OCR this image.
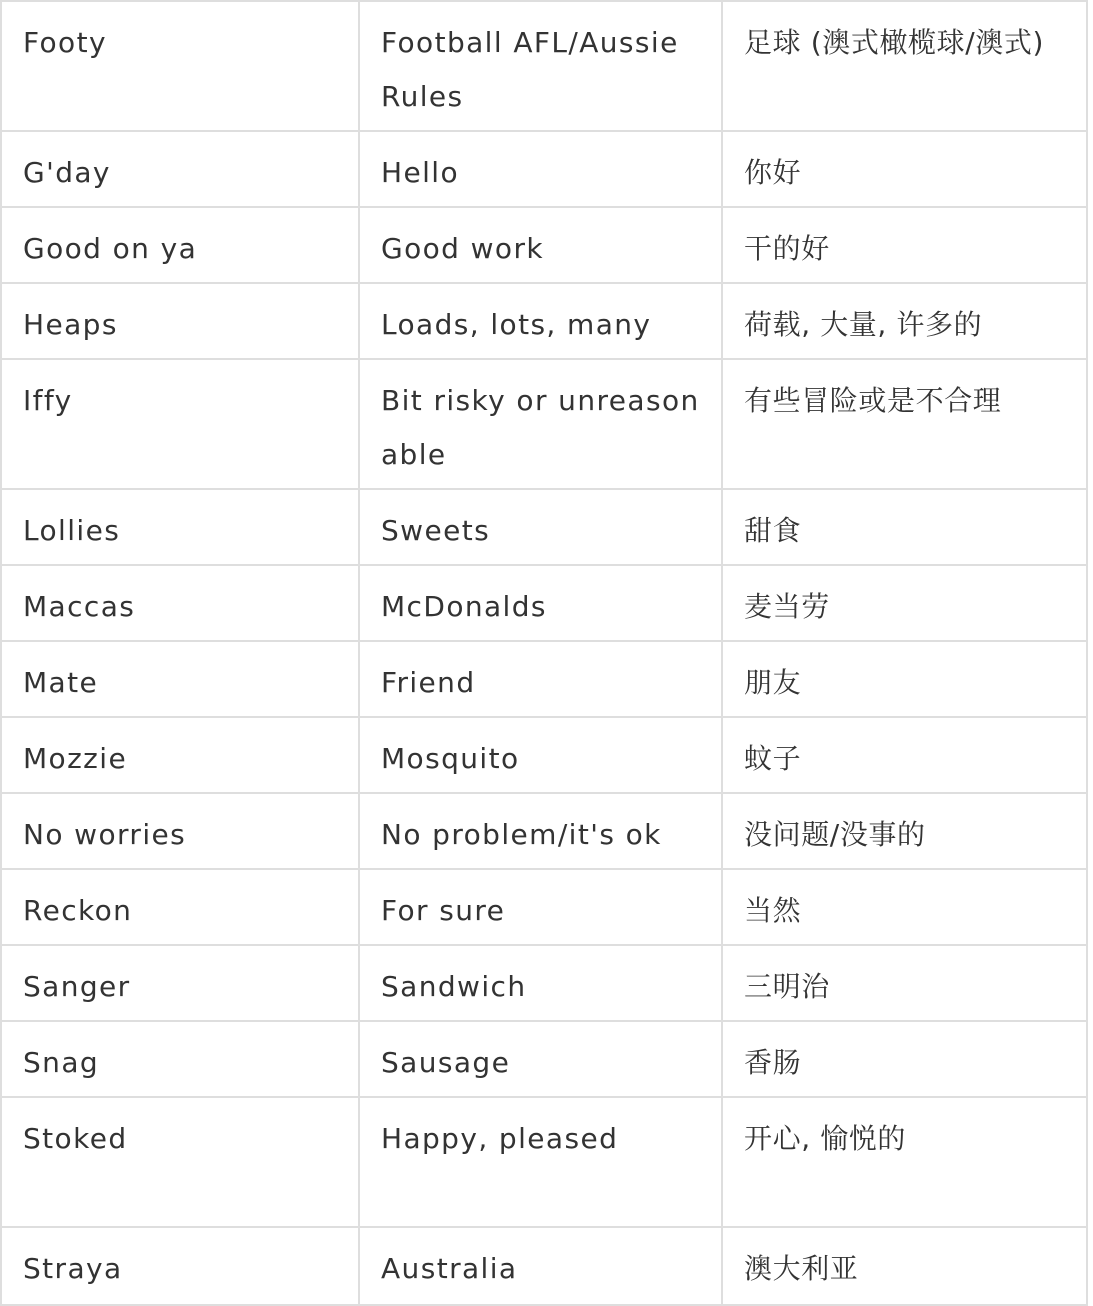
Footy	Football AFL/Aussie Rules	足球 (澳式橄榄球/澳式)
G'day	Hello	你好
Good on ya	Good work	干的好
Heaps	Loads, lots, many	荷载, 大量, 许多的
Iffy	Bit risky or unreasonable	有些冒险或是不合理
Lollies	Sweets	甜食
Maccas	McDonalds	麦当劳
Mate	Friend	朋友
Mozzie	Mosquito	蚊子
No worries	No problem/it's ok	没问题/没事的
Reckon	For sure	当然
Sanger	Sandwich	三明治
Snag	Sausage	香肠
Stoked	Happy, pleased	开心, 愉悦的
Straya	Australia	澳大利亚
